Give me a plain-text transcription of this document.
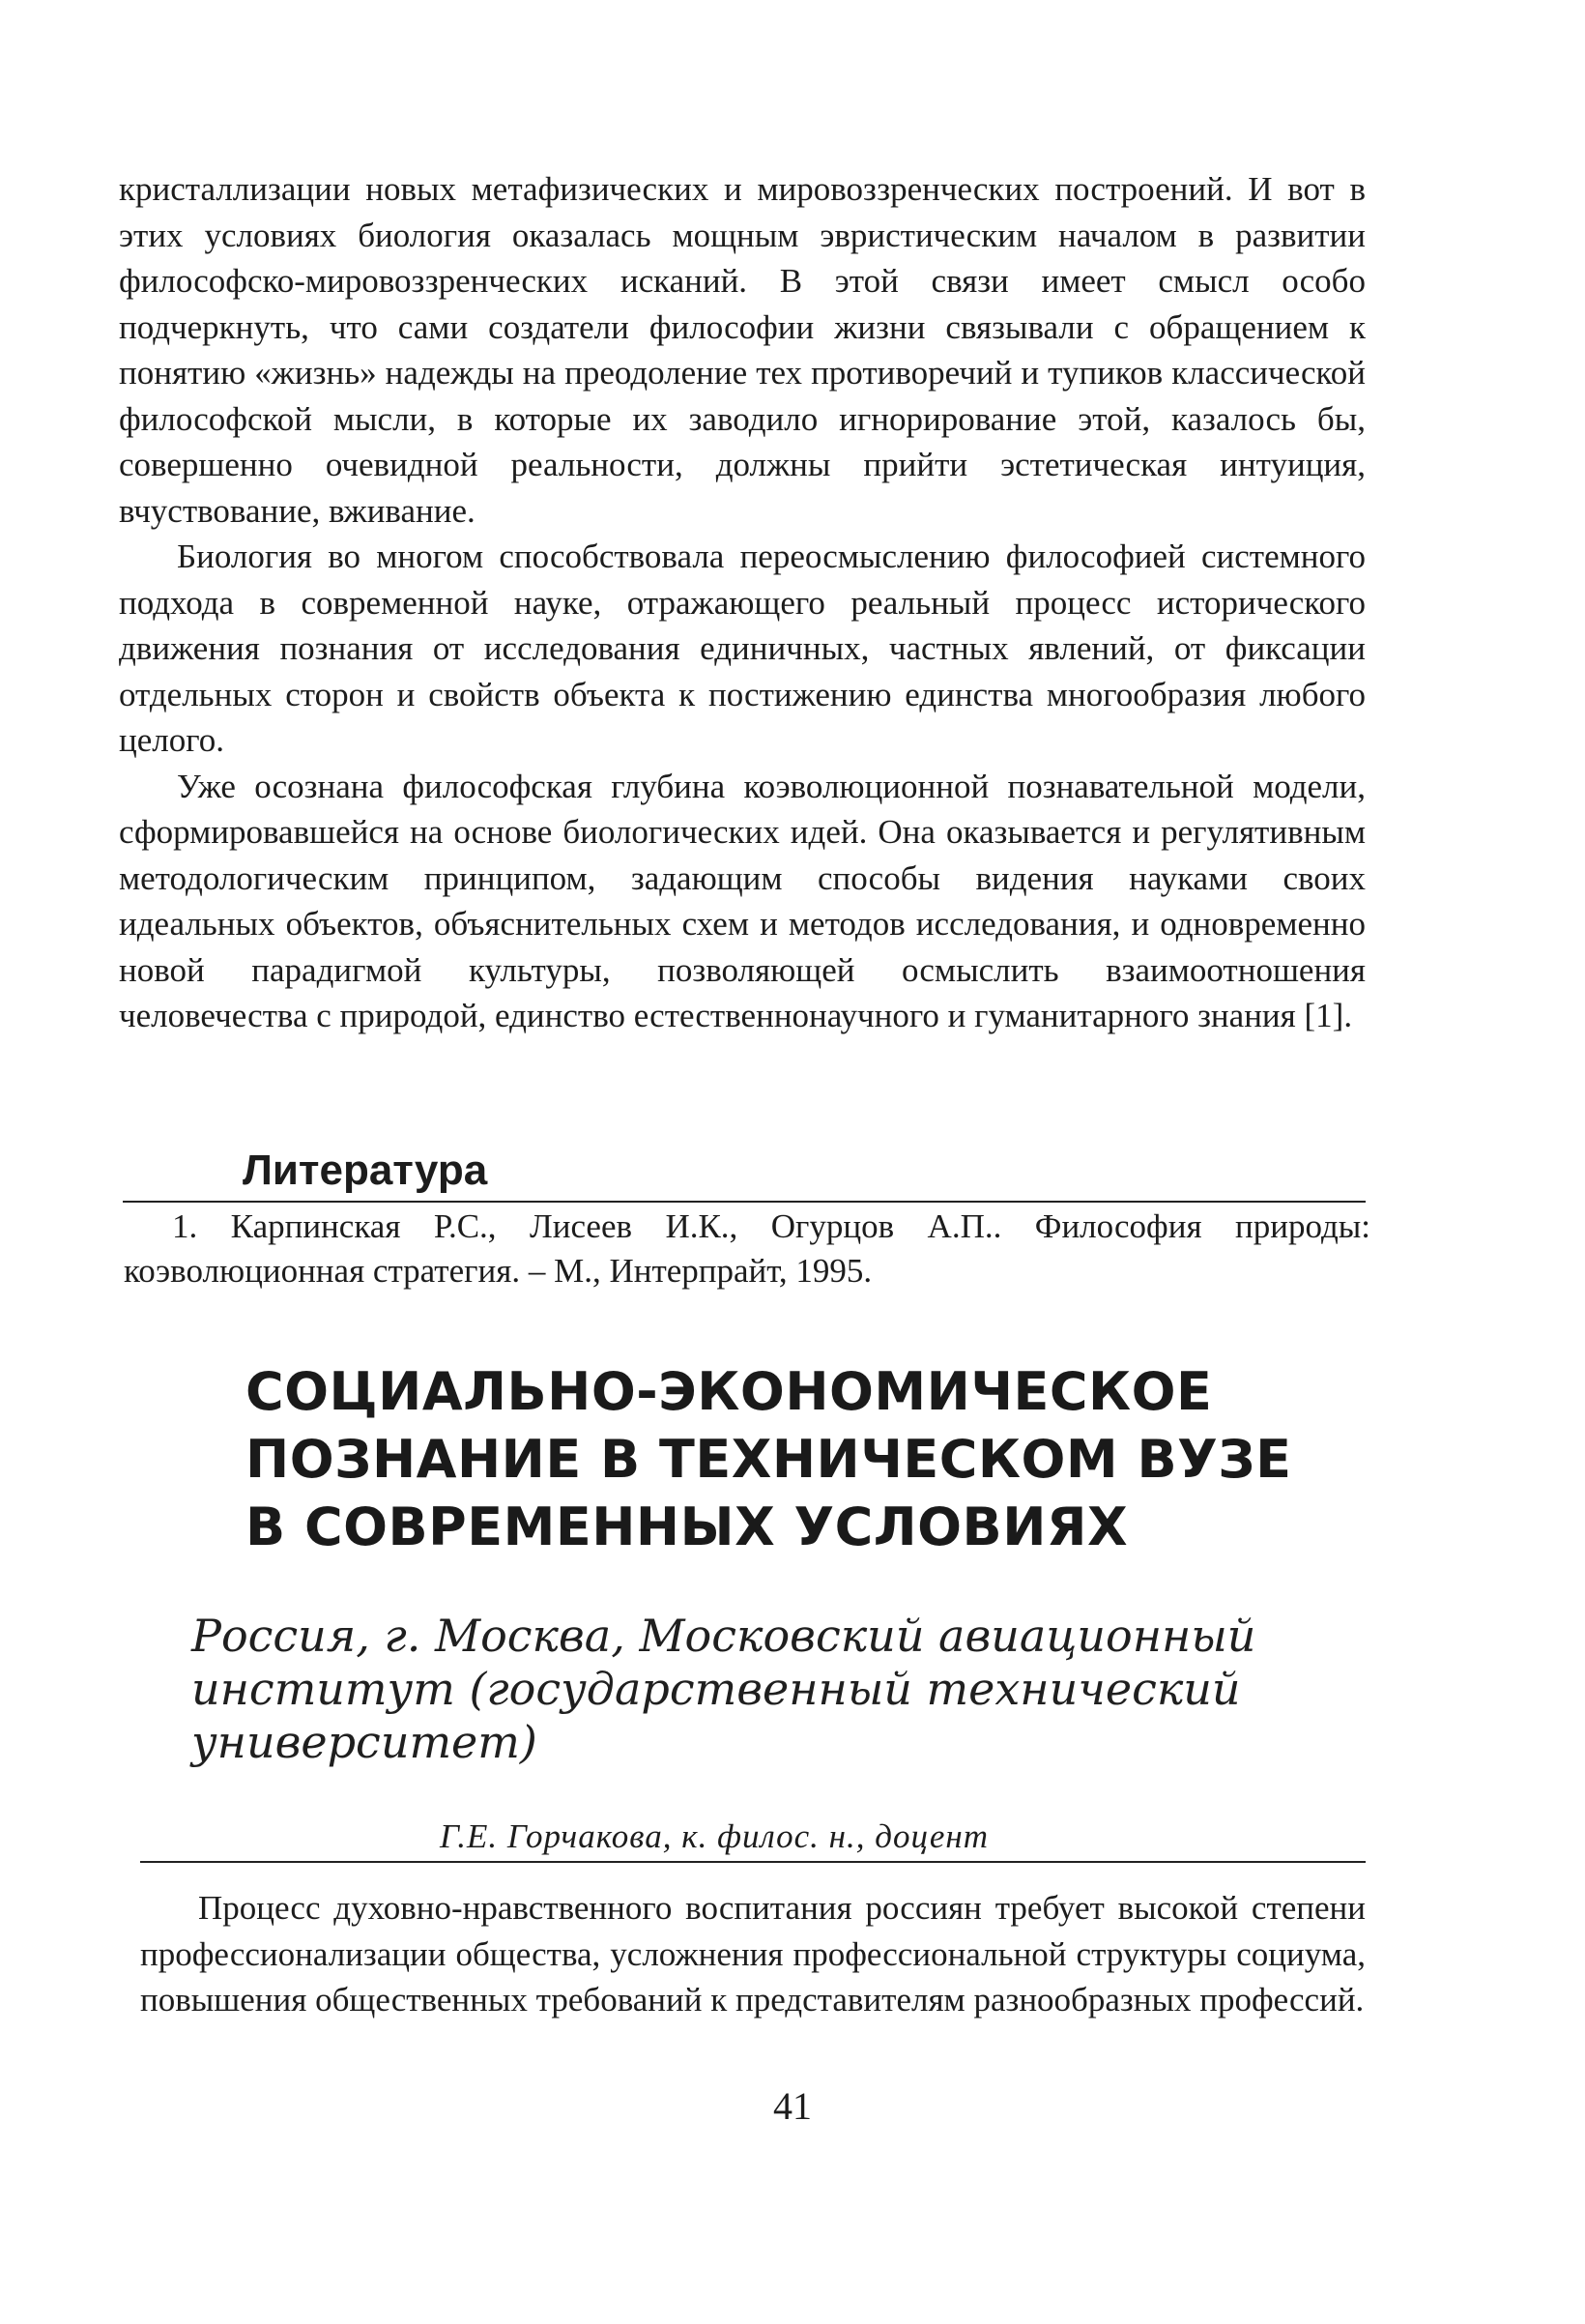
кристаллизации новых метафизических и мировоззренческих построений. И вот в этих условиях биология оказалась мощным эвристическим началом в развитии философско-мировоззренческих исканий. В этой связи имеет смысл особо подчеркнуть, что сами создатели философии жизни связывали с обращением к понятию «жизнь» надежды на преодоление тех противоречий и тупиков классической философской мысли, в которые их заводило игнорирование этой, казалось бы, совершенно очевидной реальности, должны прийти эстетическая интуиция, вчуствование, вживание.

Биология во многом способствовала переосмыслению философией системного подхода в современной науке, отражающего реальный процесс исторического движения познания от исследования единичных, частных явлений, от фиксации отдельных сторон и свойств объекта к постижению единства многообразия любого целого.

Уже осознана философская глубина коэволюционной познавательной модели, сформировавшейся на основе биологических идей. Она оказывается и регулятивным методологическим принципом, задающим способы видения науками своих идеальных объектов, объяснительных схем и методов исследования, и одновременно новой парадигмой культуры, позволяющей осмыслить взаимоотношения человечества с природой, единство естественнонаучного и гуманитарного знания [1].

Литература

1. Карпинская Р.С., Лисеев И.К., Огурцов А.П.. Философия природы: коэволюционная стратегия. – М., Интерпрайт, 1995.

СОЦИАЛЬНО-ЭКОНОМИЧЕСКОЕ ПОЗНАНИЕ В ТЕХНИЧЕСКОМ ВУЗЕ В СОВРЕМЕННЫХ УСЛОВИЯХ

Россия, г. Москва, Московский авиационный институт (государственный технический университет)

Г.Е. Горчакова, к. филос. н., доцент

Процесс духовно-нравственного воспитания россиян требует высокой степени профессионализации общества, усложнения профессиональной структуры социума, повышения общественных требований к представителям разнообразных профессий.

41
